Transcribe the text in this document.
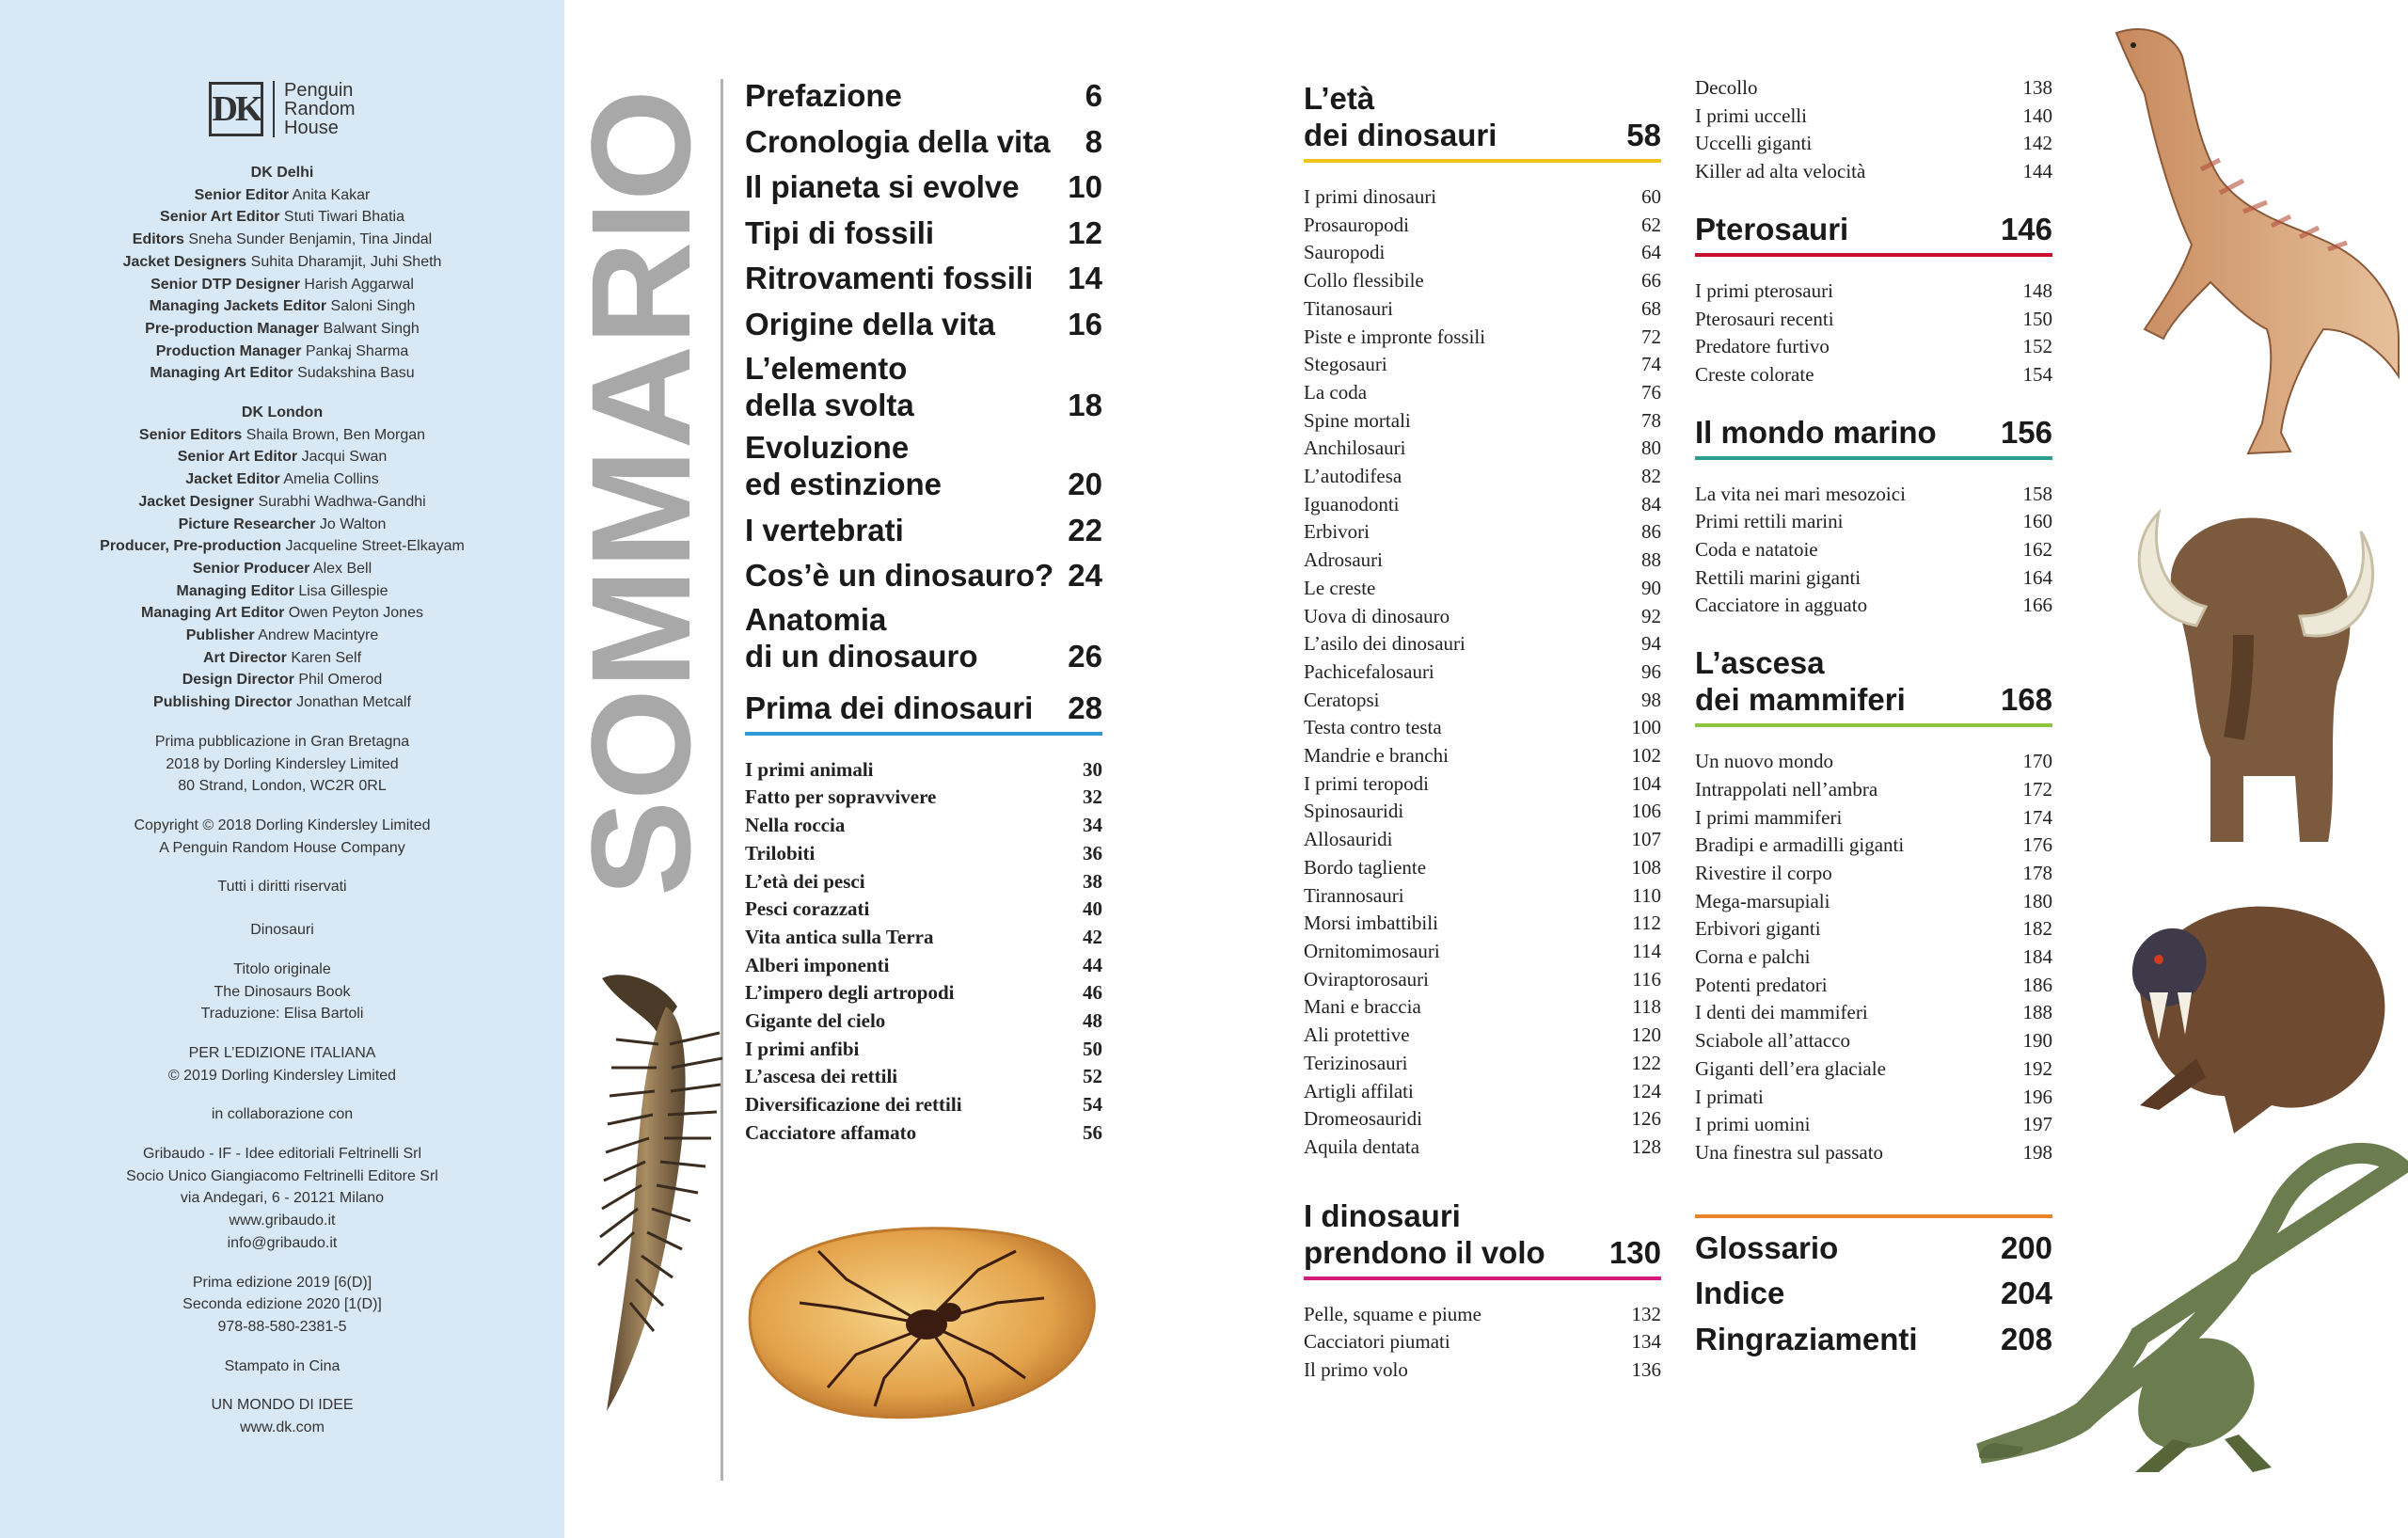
DK Penguin
Random
House
DK Delhi
Senior Editor Anita Kakar
Senior Art Editor Stuti Tiwari Bhatia
Editors Sneha Sunder Benjamin, Tina Jindal
Jacket Designers Suhita Dharamjit, Juhi Sheth
Senior DTP Designer Harish Aggarwal
Managing Jackets Editor Saloni Singh
Pre-production Manager Balwant Singh
Production Manager Pankaj Sharma
Managing Art Editor Sudakshina Basu
DK London
Senior Editors Shaila Brown, Ben Morgan
Senior Art Editor Jacqui Swan
Jacket Editor Amelia Collins
Jacket Designer Surabhi Wadhwa-Gandhi
Picture Researcher Jo Walton
Producer, Pre-production Jacqueline Street-Elkayam
Senior Producer Alex Bell
Managing Editor Lisa Gillespie
Managing Art Editor Owen Peyton Jones
Publisher Andrew Macintyre
Art Director Karen Self
Design Director Phil Omerod
Publishing Director Jonathan Metcalf
Prima pubblicazione in Gran Bretagna
2018 by Dorling Kindersley Limited
80 Strand, London, WC2R 0RL
Copyright © 2018 Dorling Kindersley Limited
A Penguin Random House Company
Tutti i diritti riservati
Dinosauri
Titolo originale
The Dinosaurs Book
Traduzione: Elisa Bartoli
PER L’EDIZIONE ITALIANA
© 2019 Dorling Kindersley Limited
in collaborazione con
Gribaudo - IF - Idee editoriali Feltrinelli Srl
Socio Unico Giangiacomo Feltrinelli Editore Srl
via Andegari, 6 - 20121 Milano
www.gribaudo.it
info@gribaudo.it
Prima edizione 2019 [6(D)]
Seconda edizione 2020 [1(D)]
978-88-580-2381-5
Stampato in Cina
UN MONDO DI IDEE
www.dk.com
SOMMARIO
Prefazione	6
Cronologia della vita 8
Il pianeta si evolve 10
Tipi di fossili	12
Ritrovamenti fossili 14
Origine della vita 16
L’elemento
della svolta	18
Evoluzione
ed estinzione	20
I vertebrati	22
Cos’è un dinosauro? 24
Anatomia
di un dinosauro	26
Prima dei dinosauri 28
I primi animali	30
Fatto per sopravvivere	32
Nella roccia	34
Trilobiti	36
L’età dei pesci	38
Pesci corazzati	40
Vita antica sulla Terra	42
Alberi imponenti	44
L’impero degli artropodi	46
Gigante del cielo	48
I primi anfibi	50
L’ascesa dei rettili	52
Diversificazione dei rettili	54
Cacciatore affamato	56
L’età
dei dinosauri	58
I primi dinosauri	60
Prosauropodi	62
Sauropodi	64
Collo flessibile	66
Titanosauri	68
Piste e impronte fossili	72
Stegosauri	74
La coda	76
Spine mortali	78
Anchilosauri	80
L’autodifesa	82
Iguanodonti	84
Erbivori	86
Adrosauri	88
Le creste	90
Uova di dinosauro	92
L’asilo dei dinosauri	94
Pachicefalosauri	96
Ceratopsi	98
Testa contro testa	100
Mandrie e branchi	102
I primi teropodi	104
Spinosauridi	106
Allosauridi	107
Bordo tagliente	108
Tirannosauri	110
Morsi imbattibili	112
Ornitomimosauri	114
Oviraptorosauri	116
Mani e braccia	118
Ali protettive	120
Terizinosauri	122
Artigli affilati	124
Dromeosauridi	126
Aquila dentata	128
I dinosauri
prendono il volo 130
Pelle, squame e piume	132
Cacciatori piumati	134
Il primo volo	136
Decollo	138
I primi uccelli	140
Uccelli giganti	142
Killer ad alta velocità	144
Pterosauri	146
I primi pterosauri	148
Pterosauri recenti	150
Predatore furtivo	152
Creste colorate	154
Il mondo marino 156
La vita nei mari mesozoici	158
Primi rettili marini	160
Coda e natatoie	162
Rettili marini giganti	164
Cacciatore in agguato	166
L’ascesa
dei mammiferi	168
Un nuovo mondo	170
Intrappolati nell’ambra	172
I primi mammiferi	174
Bradipi e armadilli giganti	176
Rivestire il corpo	178
Mega-marsupiali	180
Erbivori giganti	182
Corna e palchi	184
Potenti predatori	186
I denti dei mammiferi	188
Sciabole all’attacco	190
Giganti dell’era glaciale	192
I primati	196
I primi uomini	197
Una finestra sul passato	198
Glossario	200
Indice	204
Ringraziamenti	208
